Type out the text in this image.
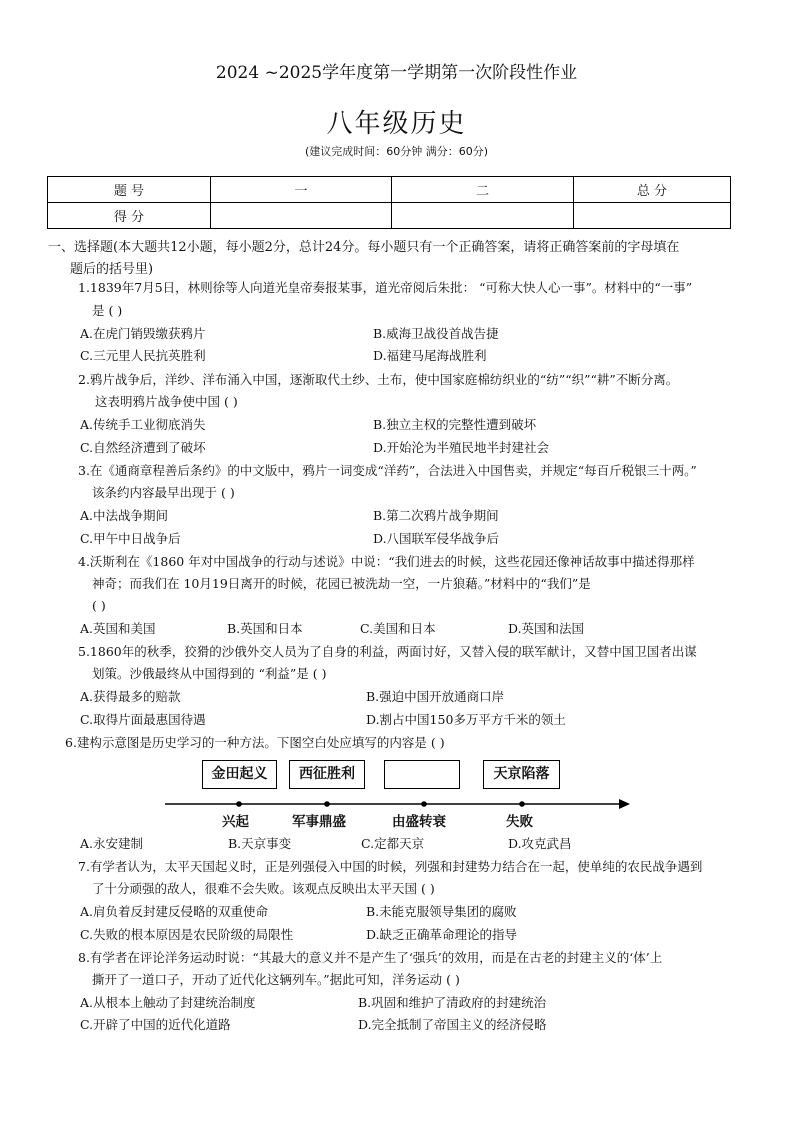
2024 ~2025学年度第一学期第一次阶段性作业
八年级历史
(建议完成时间：60分钟 满分：60分)
题 号	一	二	总 分
得 分			
一、选择题(本大题共12小题，每小题2分，总计24分。每小题只有一个正确答案，请将正确答案前的字母填在
题后的括号里)
1.1839年7月5日，林则徐等人向道光皇帝奏报某事，道光帝阅后朱批： “可称大快人心一事”。材料中的“一事”
是 ( )
A.在虎门销毁缴获鸦片	B.威海卫战役首战告捷
C.三元里人民抗英胜利	D.福建马尾海战胜利
2.鸦片战争后，洋纱、洋布涌入中国，逐渐取代土纱、土布，使中国家庭棉纺织业的“纺”“织”“耕”不断分离。
这表明鸦片战争使中国 ( )
A.传统手工业彻底消失	B.独立主权的完整性遭到破坏
C.自然经济遭到了破坏	D.开始沦为半殖民地半封建社会
3.在《通商章程善后条约》的中文版中，鸦片一词变成“洋药”，合法进入中国售卖，并规定“每百斤税银三十两。”
该条约内容最早出现于 ( )
A.中法战争期间	B.第二次鸦片战争期间
C.甲午中日战争后	D.八国联军侵华战争后
4.沃斯利在《1860 年对中国战争的行动与述说》中说：“我们进去的时候，这些花园还像神话故事中描述得那样
神奇；而我们在 10月19日离开的时候，花园已被洗劫一空，一片狼藉。”材料中的“我们”是
( )
A.英国和美国	B.英国和日本	C.美国和日本	D.英国和法国
5.1860年的秋季，狡猾的沙俄外交人员为了自身的利益，两面讨好，又替入侵的联军献计，又替中国卫国者出谋
划策。沙俄最终从中国得到的 “利益”是 ( )
A.获得最多的赔款	B.强迫中国开放通商口岸
C.取得片面最惠国待遇	D.割占中国150多万平方千米的领土
6.建构示意图是历史学习的一种方法。下图空白处应填写的内容是 ( )
金田起义	西征胜利	天京陷落
兴起	军事鼎盛	由盛转衰	失败
A.永安建制	B.天京事变	C.定都天京	D.攻克武昌
7.有学者认为，太平天国起义时，正是列强侵入中国的时候，列强和封建势力结合在一起，使单纯的农民战争遇到
了十分顽强的敌人，很难不会失败。该观点反映出太平天国 ( )
A.肩负着反封建反侵略的双重使命	B.未能克服领导集团的腐败
C.失败的根本原因是农民阶级的局限性	D.缺乏正确革命理论的指导
8.有学者在评论洋务运动时说：“其最大的意义并不是产生了‘强兵’的效用，而是在古老的封建主义的‘体’上
撕开了一道口子，开动了近代化这辆列车。”据此可知，洋务运动 ( )
A.从根本上触动了封建统治制度	B.巩固和维护了清政府的封建统治
C.开辟了中国的近代化道路	D.完全抵制了帝国主义的经济侵略
